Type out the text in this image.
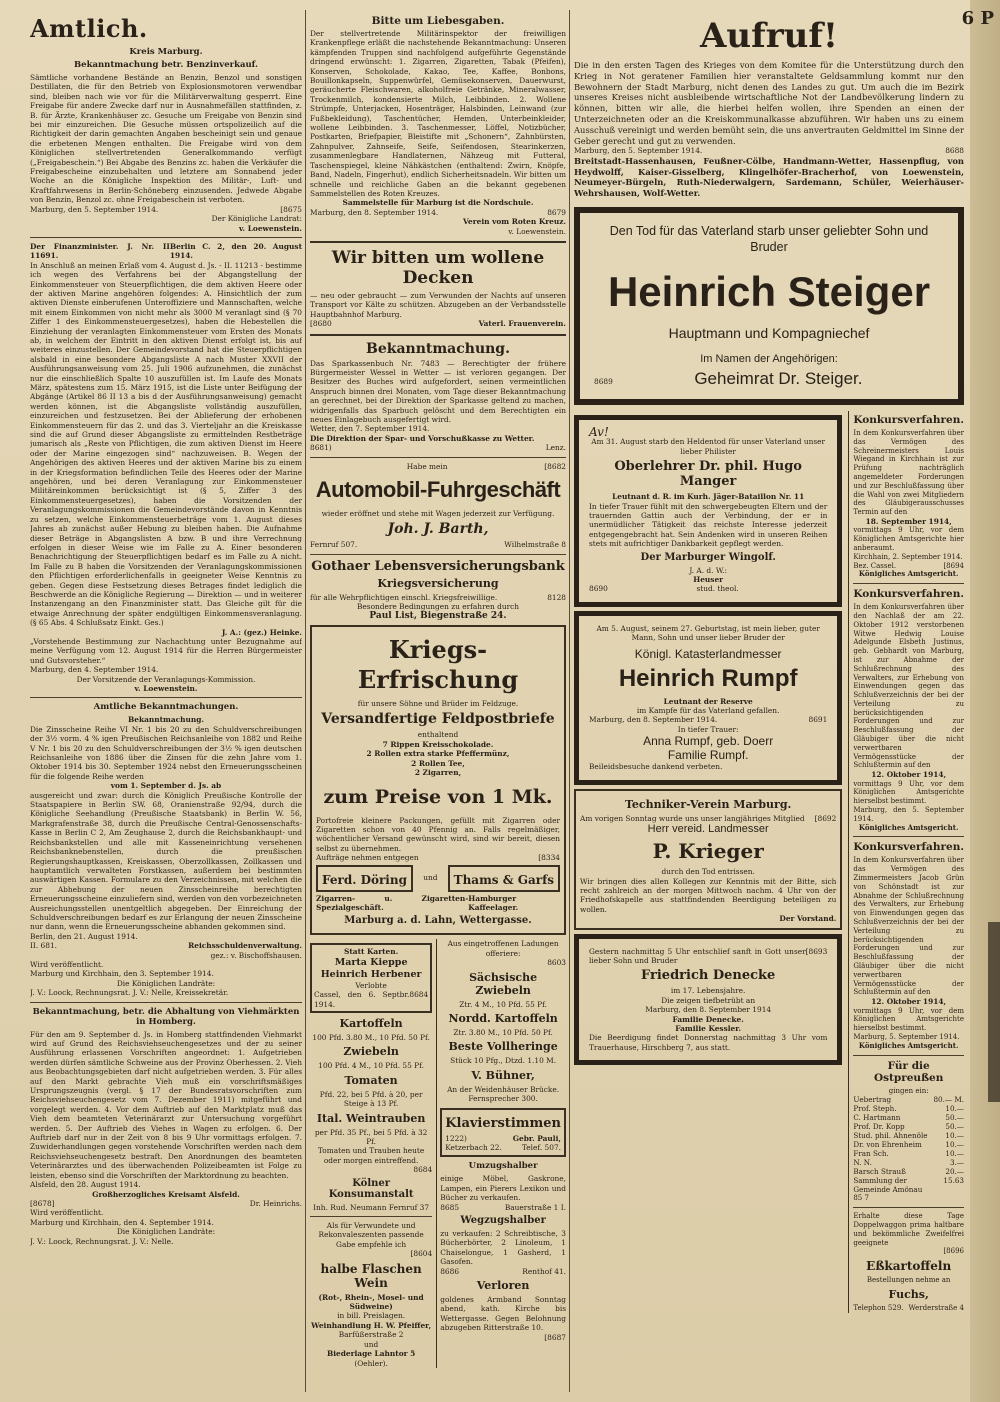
6 P
Amtlich.
Kreis Marburg.
Bekanntmachung betr. Benzinverkauf.

Sämtliche vorhandene Bestände an Benzin, Benzol und sonstigen Destillaten, die für den Betrieb von Explosionsmotoren verwendbar sind, bleiben nach wie vor für die Militärverwaltung gesperrt. Eine Freigabe für andere Zwecke darf nur in Ausnahmefällen stattfinden, z. B. für Ärzte, Krankenhäuser zc. Gesuche um Freigabe von Benzin sind bei mir einzureichen. Die Gesuche müssen ortspolizeilich auf die Richtigkeit der darin gemachten Angaben bescheinigt sein und genaue die erbetenen Mengen enthalten. Die Freigabe wird von dem Königlichen stellvertretenden Generalkommando verfügt („Freigabeschein.“) Bei Abgabe des Benzins zc. haben die Verkäufer die Freigabescheine einzubehalten und letztere am Sonnabend jeder Woche an die Königliche Inspektion des Militär-, Luft- und Kraftfahrwesens in Berlin-Schöneberg einzusenden. Jedwede Abgabe von Benzin, Benzol zc. ohne Freigabeschein ist verboten.

Marburg, den 5. September 1914.	[8675
Der Königliche Landrat:
v. Loewenstein.
Der Finanzminister. J. Nr. II 11691.
Berlin C. 2, den 20. August 1914.

In Anschluß an meinen Erlaß vom 4. August d. Js. - II. 11213 - bestimme ich wegen des Verfahrens bei der Abgangstellung der Einkommensteuer von Steuerpflichtigen, die dem aktiven Heere oder der aktiven Marine angehören folgendes: A. Hinsichtlich der zum aktiven Dienste einberufenen Unteroffiziere und Mannschaften, welche mit einem Einkommen von nicht mehr als 3000 M veranlagt sind (§ 70 Ziffer 1 des Einkommensteuergesetzes), haben die Hebestellen die Einziehung der veranlagten Einkommensteuer vom Ersten des Monats ab, in welchem der Eintritt in den aktiven Dienst erfolgt ist, bis auf weiteres einzustellen. Der Gemeindevorstand hat die Steuerpflichtigen alsbald in eine besondere Abgangsliste A nach Muster XXVII der Ausführungsanweisung vom 25. Juli 1906 aufzunehmen, die zunächst nur die einschließlich Spalte 10 auszufüllen ist. Im Laufe des Monats März, spätestens zum 15. März 1915, ist die Liste unter Beifügung der Abgänge (Artikel 86 II 13 a bis d der Ausführungsanweisung) gemacht werden können, ist die Abgangsliste vollständig auszufüllen, einzureichen und festzusetzen. Bei der Ablieferung der erhobenen Einkommensteuern für das 2. und das 3. Vierteljahr an die Kreiskasse sind die auf Grund dieser Abgangsliste zu ermittelnden Restbeträge jumarisch als „Reste von Pflichtigen, die zum aktiven Dienst im Heere oder der Marine eingezogen sind“ nachzuweisen. B. Wegen der Angehörigen des aktiven Heeres und der aktiven Marine bis zu einem in der Kriegsformation befindlichen Teile des Heeres oder der Marine angehören, und bei deren Veranlagung zur Einkommensteuer Militäreinkommen berücksichtigt ist (§ 5, Ziffer 3 des Einkommensteuergesetzes), haben die Vorsitzenden der Veranlagungskommissionen die Gemeindevorstände davon in Kenntnis zu setzen, welche Einkommensteuerbeträge vom 1. August dieses Jahres ab zunächst außer Hebung zu bleiben haben. Die Aufnahme dieser Beträge in Abgangslisten A bzw. B und ihre Verrechnung erfolgen in dieser Weise wie im Falle zu A. Einer besonderen Benachrichtigung der Steuerpflichtigen bedarf es im Falle zu A nicht. Im Falle zu B haben die Vorsitzenden der Veranlagungskommissionen den Pflichtigen erforderlichenfalls in geeigneter Weise Kenntnis zu geben. Gegen diese Festsetzung dieses Betrages findet lediglich die Beschwerde an die Königliche Regierung — Direktion — und in weiterer Instanzengang an den Finanzminister statt. Das Gleiche gilt für die etwaige Anrechnung der später endgültigen Einkommensveranlagung. (§ 65 Abs. 4 Schlußsatz Einkt. Ges.)

J. A.: (gez.) Heinke.

„Vorstehende Bestimmung zur Nachachtung unter Bezugnahme auf meine Verfügung vom 12. August 1914 für die Herren Bürgermeister und Gutsvorsteher.“

Marburg, den 4. September 1914.
Der Vorsitzende der Veranlagungs-Kommission.
v. Loewenstein.
Amtliche Bekanntmachungen.
Bekanntmachung.

Die Zinsscheine Reihe VI Nr. 1 bis 20 zu den Schuldverschreibungen der 3½ vorm. 4 % igen Preußischen Reichsanleihe von 1882 und Reihe V Nr. 1 bis 20 zu den Schuldverschreibungen der 3½ % igen deutschen Reichsanleihe von 1886 über die Zinsen für die zehn Jahre vom 1. Oktober 1914 bis 30. September 1924 nebst den Erneuerungsscheinen für die folgende Reihe werden

vom 1. September d. Js. ab

ausgereicht und zwar: durch die Königlich Preußische Kontrolle der Staatspapiere in Berlin SW. 68, Oranienstraße 92/94, durch die Königliche Seehandlung (Preußische Staatsbank) in Berlin W. 56, Markgrafenstraße 38, durch die Preußische Central-Genossenschafts-Kasse in Berlin C 2, Am Zeughause 2, durch die Reichsbankhaupt- und Reichsbankstellen und alle mit Kasseneinrichtung versehenen Reichsbanknebenstellen, durch die preußischen Regierungshauptkassen, Kreiskassen, Oberzollkassen, Zollkassen und hauptamtlich verwalteten Forstkassen, außerdem bei bestimmten auswärtigen Kassen. Formulare zu den Verzeichnissen, mit welchen die zur Abhebung der neuen Zinsscheinreihe berechtigten Erneuerungsscheine einzuliefern sind, werden von den vorbezeichneten Ausreichungsstellen unentgeltlich abgegeben. Der Einreichung der Schuldverschreibungen bedarf es zur Erlangung der neuen Zinsscheine nur dann, wenn die Erneuerungsscheine abhanden gekommen sind.

Berlin, den 21. August 1914.
II. 681.	Reichsschuldenverwaltung.
gez.: v. Bischoffshausen.
Wird veröffentlicht.
Marburg und Kirchhain, den 3. September 1914.
Die Königlichen Landräte:
J. V.: Loock, Rechnungsrat. J. V.: Nelle, Kreissekretär.
Bekanntmachung, betr. die Abhaltung von Viehmärkten in Homberg.

Für den am 9. September d. Js. in Homberg stattfindenden Viehmarkt wird auf Grund des Reichsviehseuchengesetzes und der zu seiner Ausführung erlassenen Vorschriften angeordnet: 1. Aufgetrieben werden dürfen sämtliche Schweine aus der Provinz Oberhessen. 2. Vieh aus Beobachtungsgebieten darf nicht aufgetrieben werden. 3. Für alles auf den Markt gebrachte Vieh muß ein vorschriftsmäßiges Ursprungszeugnis (vergl. § 17 der Bundesratsvorschriften zum Reichsviehseuchengesetz vom 7. Dezember 1911) mitgeführt und vorgelegt werden. 4. Vor dem Auftrieb auf den Marktplatz muß das Vieh dem beamteten Veterinärarzt zur Untersuchung vorgeführt werden. 5. Der Auftrieb des Viehes in Wagen zu erfolgen. 6. Der Auftrieb darf nur in der Zeit von 8 bis 9 Uhr vormittags erfolgen. 7. Zuwiderhandlungen gegen vorstehende Vorschriften werden nach dem Reichsviehseuchengesetz bestraft. Den Anordnungen des beamteten Veterinärarztes und des überwachenden Polizeibeamten ist Folge zu leisten, ebenso sind die Vorschriften der Marktordnung zu beachten.

Alsfeld, den 28. August 1914.
Großherzogliches Kreisamt Alsfeld.
[8678]	Dr. Heinrichs.
Wird veröffentlicht.
Marburg und Kirchhain, den 4. September 1914.
Die Königlichen Landräte:
J. V.: Loock, Rechnungsrat. J. V.: Nelle.
Bitte um Liebesgaben.

Der stellvertretende Militärinspektor der freiwilligen Krankenpflege erläßt die nachstehende Bekanntmachung: Unseren kämpfenden Truppen sind nachfolgend aufgeführte Gegenstände dringend erwünscht: 1. Zigarren, Zigaretten, Tabak (Pfeifen), Konserven, Schokolade, Kakao, Tee, Kaffee, Bonbons, Bouillonkapseln, Suppenwürfel, Gemüsekonserven, Dauerwurst, geräucherte Fleischwaren, alkoholfreie Getränke, Mineralwasser, Trockenmilch, kondensierte Milch, Leibbinden. 2. Wollene Strümpfe, Unterjacken, Hosenträger, Halsbinden, Leinwand (zur Fußbekleidung), Taschentücher, Hemden, Unterbeinkleider, wollene Leibbinden. 3. Taschenmesser, Löffel, Notizbücher, Postkarten, Briefpapier, Bleistifte mit „Schonern“, Zahnbürsten, Zahnpulver, Zahnseife, Seife, Seifendosen, Stearinkerzen, zusammenlegbare Handlaternen, Nähzeug mit Futteral, Taschenspiegel, kleine Nähkästchen (enthaltend: Zwirn, Knöpfe, Band, Nadeln, Fingerhut), endlich Sicherheitsnadeln. Wir bitten um schnelle und reichliche Gaben an die bekannt gegebenen Sammelstellen des Roten Kreuzes.

Sammelstelle für Marburg ist die Nordschule.
Marburg, den 8. September 1914.	8679
Verein vom Roten Kreuz.
v. Loewenstein.
Wir bitten um wollene Decken

— neu oder gebraucht — zum Verwunden der Nachts auf unseren Transport vor Kälte zu schützen. Abzugeben an der Verbandsstelle Hauptbahnhof Marburg.

[8680	Vaterl. Frauenverein.
Bekanntmachung.

Das Sparkassenbuch Nr. 7483 — Berechtigter der frühere Bürgermeister Wessel in Wetter — ist verloren gegangen. Der Besitzer des Buches wird aufgefordert, seinen vermeintlichen Anspruch binnen drei Monaten, vom Tage dieser Bekanntmachung an gerechnet, bei der Direktion der Sparkasse geltend zu machen, widrigenfalls das Sparbuch gelöscht und dem Berechtigten ein neues Einlagebuch ausgefertigt wird.

Wetter, den 7. September 1914.
Die Direktion der Spar- und Vorschußkasse zu Wetter.
8681)	Lenz.
Habe mein	[8682
Automobil-Fuhrgeschäft

wieder eröffnet und stehe mit Wagen jederzeit zur Verfügung.

Joh. J. Barth,
Fernruf 507.	Wilhelmstraße 8
Gothaer Lebensversicherungsbank
Kriegsversicherung
für alle Wehrpflichtigen einschl. Kriegsfreiwillige.	8128
Besondere Bedingungen zu erfahren durch
Paul List, Biegenstraße 24.
Kriegs-Erfrischung
für unsere Söhne und Brüder im Feldzuge.
Versandfertige Feldpostbriefe
enthaltend
7 Rippen Kreisschokolade.
2 Rollen extra starke Pfeffermünz,
2 Rollen Tee,
2 Zigarren,
zum Preise von 1 Mk.

Portofreie kleinere Packungen, gefüllt mit Zigarren oder Zigaretten schon von 40 Pfennig an. Falls regelmäßiger, wöchentlicher Versand gewünscht wird, sind wir bereit, diesen selbst zu übernehmen.

Aufträge nehmen entgegen	[8334
Ferd. Döring	und	Thams & Garfs
Zigarren- u. Zigaretten-Spezialgeschäft.
Hamburger Kaffeelager.
Marburg a. d. Lahn, Wettergasse.
Statt Karten.
Marta Kieppe
Heinrich Herbener
Verlobte
Cassel, den 6. Septbr. 1914.
8684
Kartoffeln
100 Pfd. 3.80 M., 10 Pfd. 50 Pf.
Zwiebeln
100 Pfd. 4 M., 10 Pfd. 55 Pf.
Tomaten
Pfd. 22, bei 5 Pfd. à 20, per Steige à 13 Pf.
Ital. Weintrauben
per Pfd. 35 Pf., bei 5 Pfd. à 32 Pf.
Tomaten und Trauben heute oder morgen eintreffend.
8684
Kölner Konsumanstalt
Inh. Rud. Neumann Fernruf 37
Als für Verwundete und Rekonvaleszenten passende Gabe empfehle ich
[8604
halbe Flaschen Wein
(Rot-, Rhein-, Mosel- und Südweine)
in bill. Preislagen.
Weinhandlung H. W. Pfeiffer,
Barfüßerstraße 2
und
Biederlage Lahntor 5
(Oehler).
Aus eingetroffenen Ladungen offeriere:
8603
Sächsische Zwiebeln
Ztr. 4 M., 10 Pfd. 55 Pf.
Nordd. Kartoffeln
Ztr. 3.80 M., 10 Pfd. 50 Pf.
Beste Vollheringe
Stück 10 Pfg., Dtzd. 1.10 M.
V. Bühner,
An der Weidenhäuser Brücke.
Fernsprecher 300.
Klavierstimmen
1222)	Gebr. Pauli,
Ketzerbach 22.	Telef. 507.
Umzugshalber

einige Möbel, Gaskrone, Lampen, ein Pierers Lexikon und Bücher zu verkaufen.

8685	Bauerstraße 1 I.
Wegzugshalber

zu verkaufen: 2 Schreibtische, 3 Bücherbörter, 2 Linoleum, 1 Chaiselongue, 1 Gasherd, 1 Gasofen.

8686	Renthof 41.
Verloren

goldenes Armband Sonntag abend, kath. Kirche bis Wettergasse. Gegen Belohnung abzugeben Ritterstraße 10.

[8687
Aufruf!

Die in den ersten Tagen des Krieges von dem Komitee für die Unterstützung durch den Krieg in Not geratener Familien hier veranstaltete Geldsammlung kommt nur den Bewohnern der Stadt Marburg, nicht denen des Landes zu gut. Um auch die im Bezirk unseres Kreises nicht ausbleibende wirtschaftliche Not der Landbevölkerung lindern zu können, bitten wir alle, die hierbei helfen wollen, ihre Spenden an einen der Unterzeichneten oder an die Kreiskommunalkasse abzuführen. Wir haben uns zu einem Ausschuß vereinigt und werden bemüht sein, die uns anvertrauten Geldmittel im Sinne der Geber gerecht und gut zu verwenden.

Marburg, den 5. September 1914.	8688

Breitstadt-Hassenhausen, Feußner-Cölbe, Handmann-Wetter, Hassenpflug, von Heydwolff, Kaiser-Gisselberg, Klingelhöfer-Bracherhof, von Loewenstein, Neumeyer-Bürgeln, Ruth-Niederwalgern, Sardemann, Schüler, Weierhäuser-Wehrshausen, Wolf-Wetter.

Den Tod für das Vaterland starb unser geliebter Sohn und Bruder
Heinrich Steiger
Hauptmann und Kompagniechef
Im Namen der Angehörigen:
8689	Geheimrat Dr. Steiger.
Av!
Am 31. August starb den Heldentod für unser Vaterland unser lieber Philister
Oberlehrer Dr. phil. Hugo Manger
Leutnant d. R. im Kurh. Jäger-Bataillon Nr. 11

In tiefer Trauer fühlt mit den schwergebeugten Eltern und der trauernden Gattin auch der Verbindung, der er in unermüdlicher Tätigkeit das reichste Interesse jederzeit entgegengebracht hat. Sein Andenken wird in unseren Reihen stets mit aufrichtiger Dankbarkeit gepflegt werden.

Der Marburger Wingolf.
J. A. d. W.:
Heuser
8690	stud. theol.
Am 5. August, seinem 27. Geburtstag, ist mein lieber, guter Mann, Sohn und unser lieber Bruder der
Königl. Katasterlandmesser
Heinrich Rumpf
Leutnant der Reserve
im Kampfe für das Vaterland gefallen.
Marburg, den 8. September 1914.	8691
In tiefer Trauer:
Anna Rumpf, geb. Doerr
Familie Rumpf.
Beileidsbesuche dankend verbeten.
Techniker-Verein Marburg.
Am vorigen Sonntag wurde uns unser langjähriges Mitglied [8692
Herr vereid. Landmesser
P. Krieger
durch den Tod entrissen.

Wir bringen dies allen Kollegen zur Kenntnis mit der Bitte, sich recht zahlreich an der morgen Mittwoch nachm. 4 Uhr von der Friedhofskapelle aus stattfindenden Beerdigung beteiligen zu wollen.

Der Vorstand.
Gestern nachmittag 5 Uhr entschlief sanft in Gott unser lieber Sohn und Bruder
[8693
Friedrich Denecke
im 17. Lebensjahre.
Die zeigen tiefbetrübt an
Marburg, den 8. September 1914
Familie Denecke.
Familie Kessler.

Die Beerdigung findet Donnerstag nachmittag 3 Uhr vom Trauerhause, Hirschberg 7, aus statt.

Konkursverfahren.

In dem Konkursverfahren über das Vermögen des Schreinermeisters Louis Wiegand in Kirchhain ist zur Prüfung nachträglich angemeldeter Forderungen und zur Beschlußfassung über die Wahl von zwei Mitgliedern des Gläubigerausschusses Termin auf den

18. September 1914,

vormittags 9 Uhr, vor dem Königlichen Amtsgerichte hier anberaumt.

Kirchhain, 2. September 1914.
Bez. Cassel.	[8694
Königliches Amtsgericht.
Konkursverfahren.

In dem Konkursverfahren über den Nachlaß der am 22. Oktober 1912 verstorbenen Witwe Hedwig Louise Adelgunde Elsbeth Justinus, geb. Gebhardt von Marburg, ist zur Abnahme der Schlußrechnung des Verwalters, zur Erhebung von Einwendungen gegen das Schlußverzeichnis der bei der Verteilung zu berücksichtigenden Forderungen und zur Beschlußfassung der Gläubiger über die nicht verwertbaren Vermögensstücke der Schlußtermin auf den

12. Oktober 1914,

vormittags 9 Uhr, vor dem Königlichen Amtsgerichte hierselbst bestimmt.

Marburg, den 5. September 1914.
Königliches Amtsgericht.
Konkursverfahren.

In dem Konkursverfahren über das Vermögen des Zimmermeisters Jacob Grün von Schönstadt ist zur Abnahme der Schlußrechnung des Verwalters, zur Erhebung von Einwendungen gegen das Schlußverzeichnis der bei der Verteilung zu berücksichtigenden Forderungen und zur Beschlußfassung der Gläubiger über die nicht verwertbaren Vermögensstücke der Schlußtermin auf den

12. Oktober 1914,

vormittags 9 Uhr, vor dem Königlichen Amtsgerichte hierselbst bestimmt.

Marburg, 5. September 1914.
Königliches Amtsgericht.
Für die Ostpreußen
gingen ein:
Uebertrag	80.— M.
Prof. Steph.	10.—
C. Hartmann	50.—
Prof. Dr. Kopp	50.—
Stud. phil. Ahnenöle 10.—
Dr. von Ehrenheim	10.—
Fran Sch.	10.—
N. N.	3.—
Barsch Strauß	20.—
Sammlung der Gemeinde Amönau
15.63
85 7

Erhalte diese Tage Doppelwaggon prima haltbare und bekömmliche Zweifelfrei geeignete

[8696
Eßkartoffeln
Bestellungen nehme an
Fuchs,
Telephon 529. Werderstraße 4
